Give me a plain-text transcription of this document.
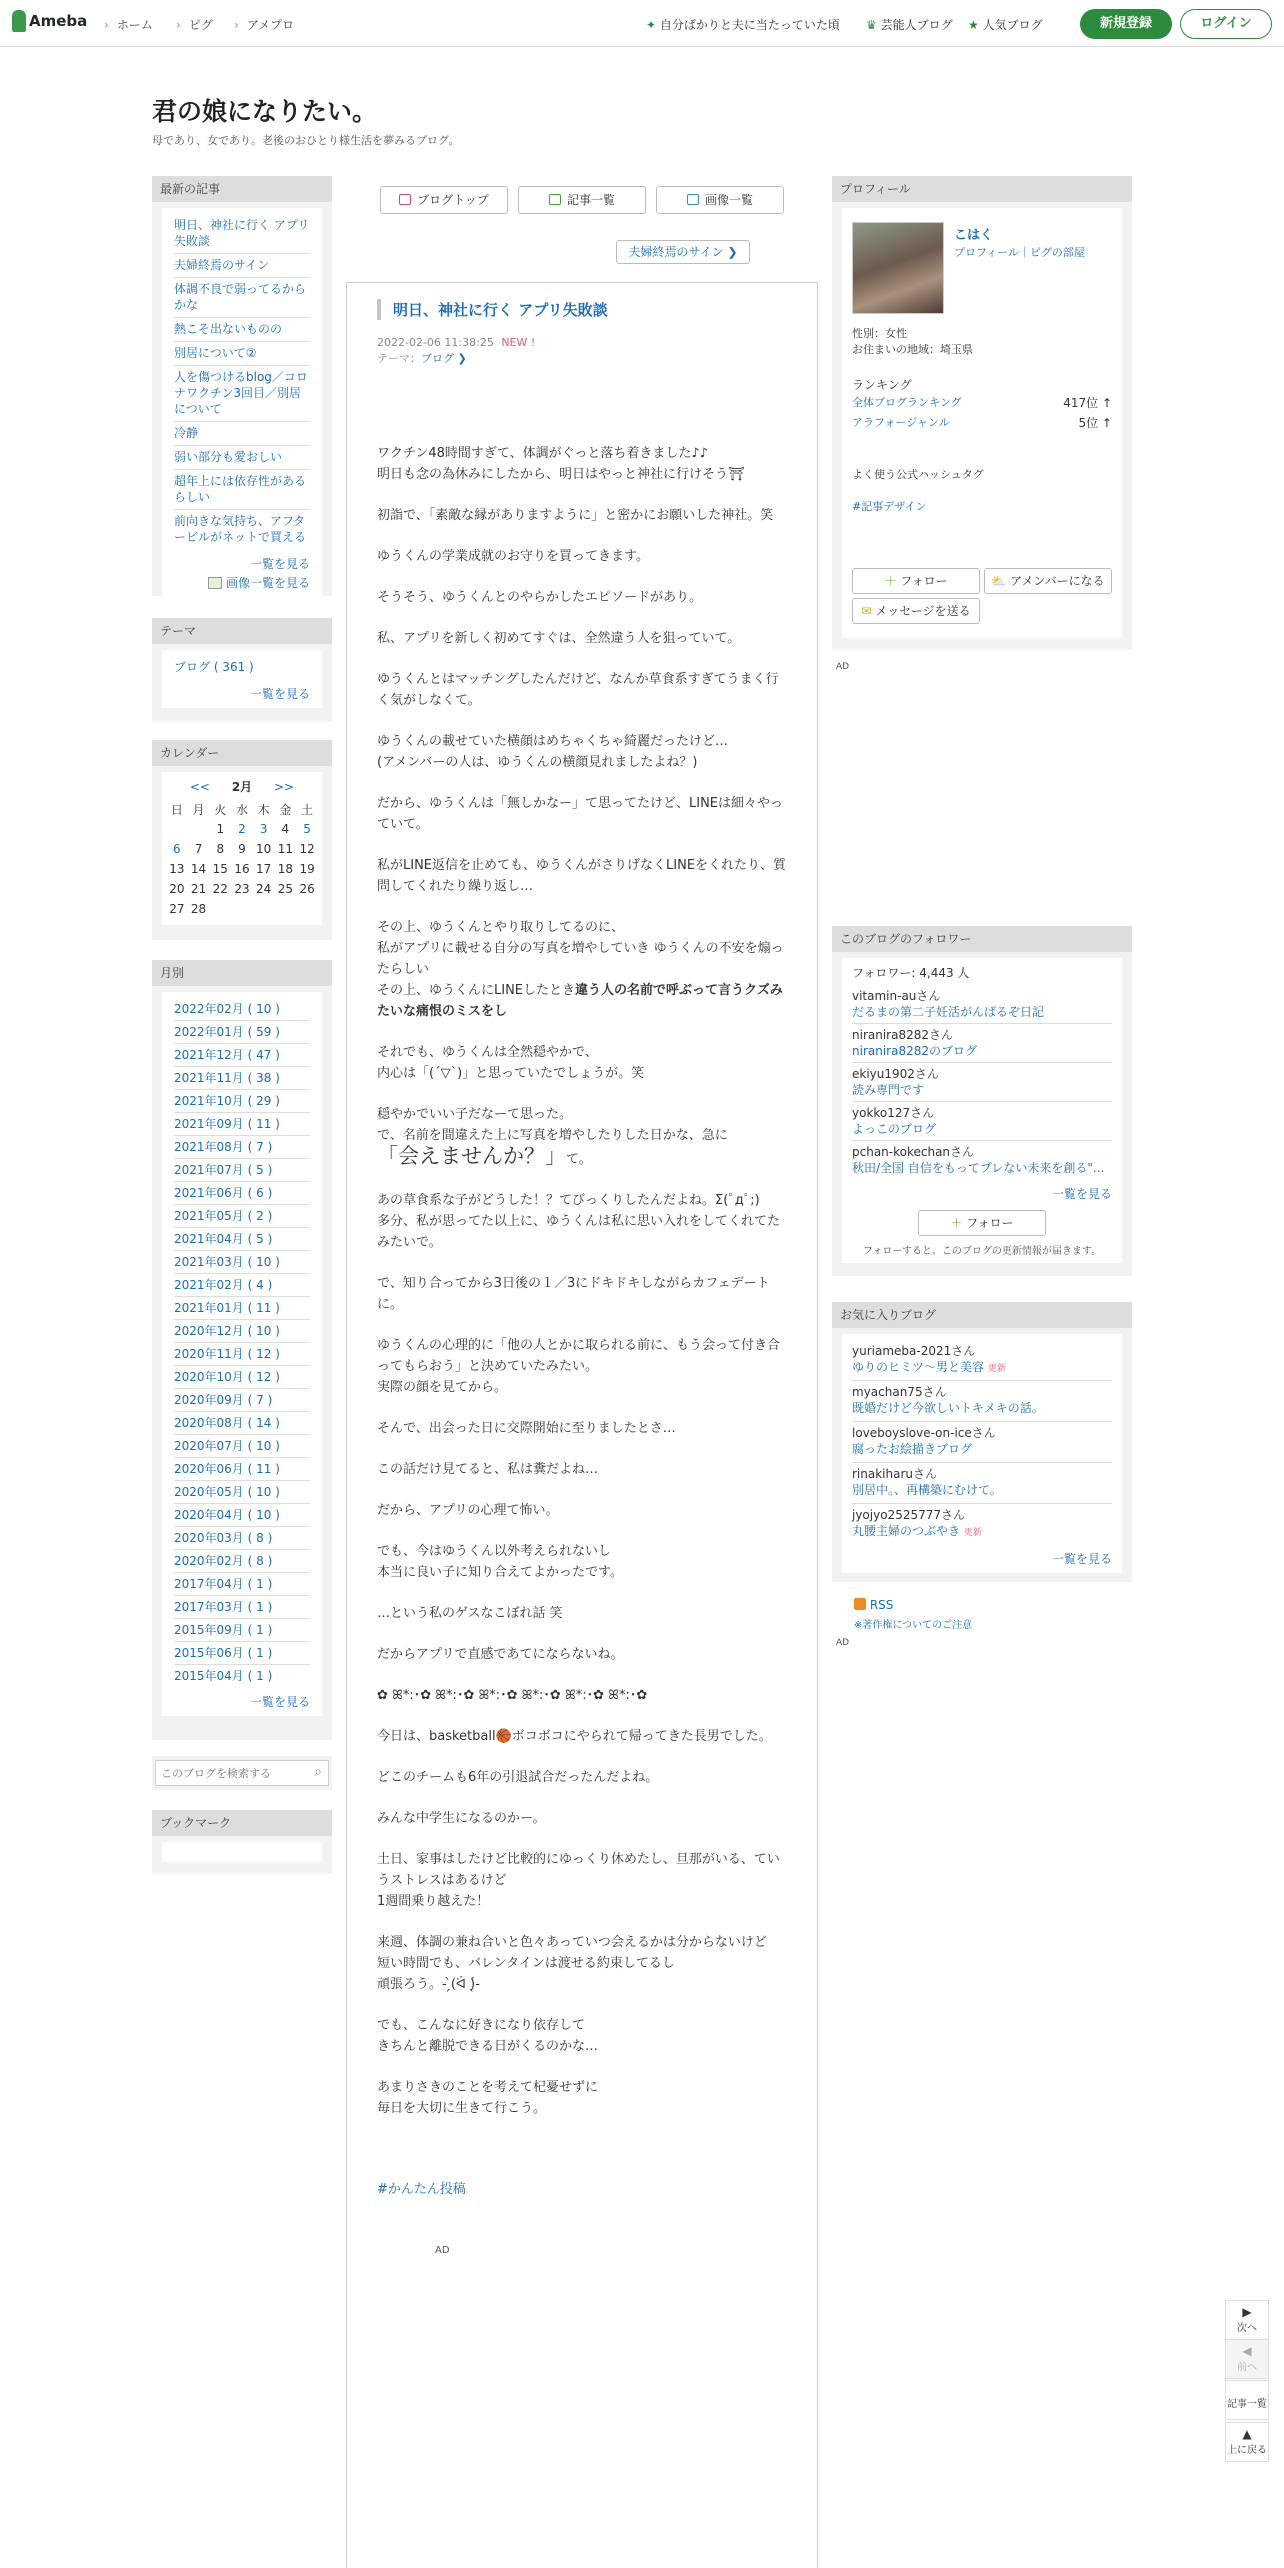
Ameba	› ホーム	› ピグ	› アメプロ	✦ 自分ばかりと夫に当たっていた頃 ♛ 芸能人ブログ ★ 人気ブログ	新規登録	ログイン
君の娘になりたい。
母であり、女であり。老後のおひとり様生活を夢みるブログ。
最新の記事
明日、神社に行く アプリ失敗談
夫婦終焉のサイン
体調不良で弱ってるからかな
熱こそ出ないものの
別居について②
人を傷つけるblog／コロナワクチン3回目／別居について
冷静
弱い部分も愛おしい
超年上には依存性があるらしい
前向きな気持ち、アフタービルがネットで買える
一覧を見る
画像一覧を見る
テーマ
ブログ ( 361 )
一覧を見る
カレンダー
<< 2月 >>
日	月	火	水	木	金	土
		1	2	3	4	5
6	7	8	9	10	11	12
13	14	15	16	17	18	19
20	21	22	23	24	25	26
27	28					
月別
2022年02月 ( 10 )
2022年01月 ( 59 )
2021年12月 ( 47 )
2021年11月 ( 38 )
2021年10月 ( 29 )
2021年09月 ( 11 )
2021年08月 ( 7 )
2021年07月 ( 5 )
2021年06月 ( 6 )
2021年05月 ( 2 )
2021年04月 ( 5 )
2021年03月 ( 10 )
2021年02月 ( 4 )
2021年01月 ( 11 )
2020年12月 ( 10 )
2020年11月 ( 12 )
2020年10月 ( 12 )
2020年09月 ( 7 )
2020年08月 ( 14 )
2020年07月 ( 10 )
2020年06月 ( 11 )
2020年05月 ( 10 )
2020年04月 ( 10 )
2020年03月 ( 8 )
2020年02月 ( 8 )
2017年04月 ( 1 )
2017年03月 ( 1 )
2015年09月 ( 1 )
2015年06月 ( 1 )
2015年04月 ( 1 )
一覧を見る
このブログを検索する
⌕
ブックマーク
ブログトップ	記事一覧	画像一覧
夫婦終焉のサイン ❯
明日、神社に行く アプリ失敗談
2022-02-06 11:38:25 NEW !
テーマ：ブログ ❯

ワクチン48時間すぎて、体調がぐっと落ち着きました♪♪
明日も念の為休みにしたから、明日はやっと神社に行けそう⛩

初詣で、「素敵な縁がありますように」と密かにお願いした神社。笑

ゆうくんの学業成就のお守りを買ってきます。

そうそう、ゆうくんとのやらかしたエピソードがあり。

私、アプリを新しく初めてすぐは、全然違う人を狙っていて。

ゆうくんとはマッチングしたんだけど、なんか草食系すぎてうまく行く気がしなくて。

ゆうくんの載せていた横顔はめちゃくちゃ綺麗だったけど…
(アメンバーの人は、ゆうくんの横顔見れましたよね？)

だから、ゆうくんは「無しかなー」て思ってたけど、LINEは細々やっていて。

私がLINE返信を止めても、ゆうくんがさりげなくLINEをくれたり、質問してくれたり繰り返し…

その上、ゆうくんとやり取りしてるのに、
私がアプリに載せる自分の写真を増やしていき ゆうくんの不安を煽ったらしい
その上、ゆうくんにLINEしたとき違う人の名前で呼ぶって言うクズみたいな痛恨のミスをし

それでも、ゆうくんは全然穏やかで、
内心は「(´▽`)」と思っていたでしょうが。笑

穏やかでいい子だなーて思った。
で、名前を間違えた上に写真を増やしたりした日かな、急に
「会えませんか？」て。

あの草食系な子がどうした！？てびっくりしたんだよね。Σ(ﾟдﾟ;)
多分、私が思ってた以上に、ゆうくんは私に思い入れをしてくれてたみたいで。

で、知り合ってから3日後の１／3にドキドキしながらカフェデートに。

ゆうくんの心理的に「他の人とかに取られる前に、もう会って付き合ってもらおう」と決めていたみたい。
実際の顔を見てから。

そんで、出会った日に交際開始に至りましたとさ…

この話だけ見てると、私は糞だよね…

だから、アプリの心理て怖い。

でも、今はゆうくん以外考えられないし
本当に良い子に知り合えてよかったです。

…という私のゲスなこぼれ話 笑

だからアプリで直感であてにならないね。

✿ ꕤ*:･✿ ꕤ*:･✿ ꕤ*:･✿ ꕤ*:･✿ ꕤ*:･✿ ꕤ*:･✿

今日は、basketball🏀ボコボコにやられて帰ってきた長男でした。

どこのチームも6年の引退試合だったんだよね。

みんな中学生になるのかー。

土日、家事はしたけど比較的にゆっくり休めたし、旦那がいる、ていうストレスはあるけど
1週間乗り越えた！

来週、体調の兼ね合いと色々あっていつ会えるかは分からないけど
短い時間でも、バレンタインは渡せる約束してるし
頑張ろう。- ̗̀(ᐛ )̖́-

でも、こんなに好きになり依存して
きちんと離脱できる日がくるのかな…

あまりさきのことを考えて杞憂せずに
毎日を大切に生きて行こう。

#かんたん投稿

AD

プロフィール
こはく
プロフィール｜ピグの部屋
性別：女性
お住まいの地域：埼玉県
ランキング
全体ブログランキング	417位 ↑
アラフォージャンル	5位 ↑
よく使う公式ハッシュタグ
#記事デザイン
＋ フォロー	⛅ アメンバーになる
✉ メッセージを送る
AD
このブログのフォロワー
フォロワー: 4,443 人
vitamin-auさん
だるまの第二子妊活がんばるぞ日記
niranira8282さん
niranira8282のブログ
ekiyu1902さん
読み専門です
yokko127さん
よっこのブログ
pchan-kokechanさん
秋田/全国 自信をもってプレない未来を創る"...
一覧を見る
＋ フォロー
フォローすると、このブログの更新情報が届きます。
お気に入りブログ
yuriameba-2021さん
ゆりのヒミツ〜男と美容 更新
myachan75さん
既婚だけど今欲しいトキメキの話。
loveboyslove-on-iceさん
腐ったお絵描きブログ
rinakiharuさん
別居中。、再構築にむけて。
jyojyo2525777さん
丸腰主婦のつぶやき 更新
一覧を見る
RSS
※著作権についてのご注意
AD
▶
次へ
◀
前へ
記事一覧
▲
上に戻る
